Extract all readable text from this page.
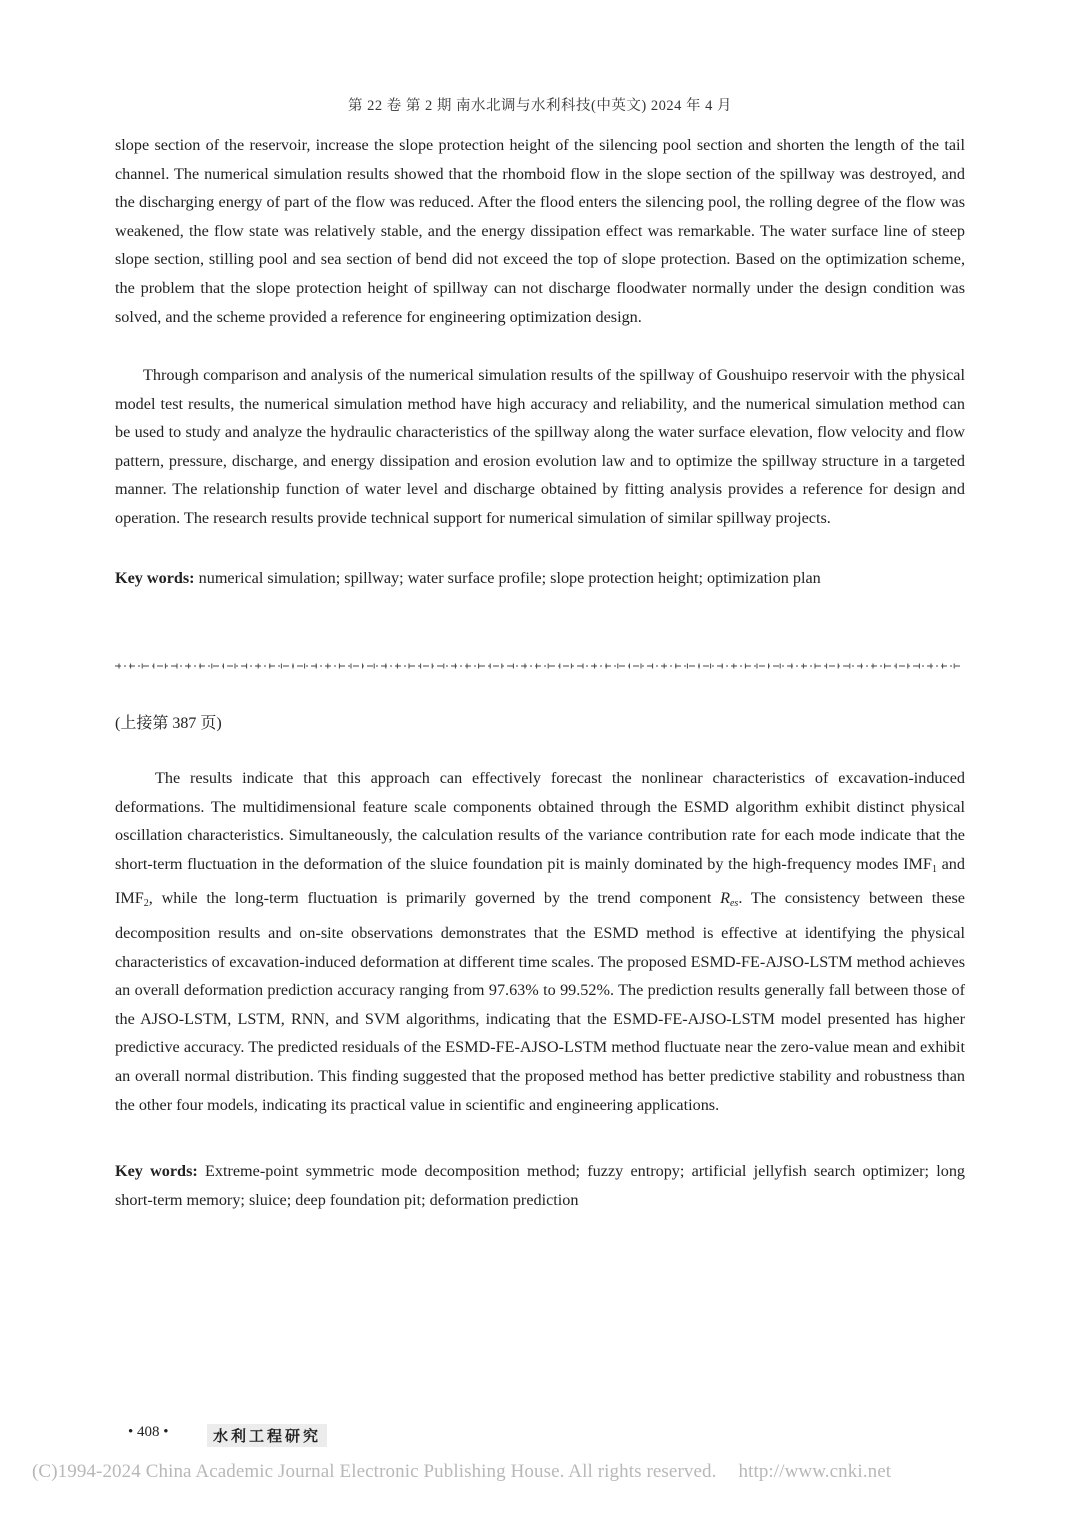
第 22 卷 第 2 期 南水北调与水利科技(中英文) 2024 年 4 月

slope section of the reservoir, increase the slope protection height of the silencing pool section and shorten the length of the tail channel. The numerical simulation results showed that the rhomboid flow in the slope section of the spillway was destroyed, and the discharging energy of part of the flow was reduced. After the flood enters the silencing pool, the rolling degree of the flow was weakened, the flow state was relatively stable, and the energy dissipation effect was remarkable. The water surface line of steep slope section, stilling pool and sea section of bend did not exceed the top of slope protection. Based on the optimization scheme, the problem that the slope protection height of spillway can not discharge floodwater normally under the design condition was solved, and the scheme provided a reference for engineering optimization design.

Through comparison and analysis of the numerical simulation results of the spillway of Goushuipo reservoir with the physical model test results, the numerical simulation method have high accuracy and reliability, and the numerical simulation method can be used to study and analyze the hydraulic characteristics of the spillway along the water surface elevation, flow velocity and flow pattern, pressure, discharge, and energy dissipation and erosion evolution law and to optimize the spillway structure in a targeted manner. The relationship function of water level and discharge obtained by fitting analysis provides a reference for design and operation. The research results provide technical support for numerical simulation of similar spillway projects.

Key words: numerical simulation; spillway; water surface profile; slope protection height; optimization plan

(上接第 387 页)

The results indicate that this approach can effectively forecast the nonlinear characteristics of excavation-induced deformations. The multidimensional feature scale components obtained through the ESMD algorithm exhibit distinct physical oscillation characteristics. Simultaneously, the calculation results of the variance contribution rate for each mode indicate that the short-term fluctuation in the deformation of the sluice foundation pit is mainly dominated by the high-frequency modes $IMF_1$ and $IMF_2$, while the long-term fluctuation is primarily governed by the trend component $R_{es}$. The consistency between these decomposition results and on-site observations demonstrates that the ESMD method is effective at identifying the physical characteristics of excavation-induced deformation at different time scales. The proposed ESMD-FE-AJSO-LSTM method achieves an overall deformation prediction accuracy ranging from 97.63% to 99.52%. The prediction results generally fall between those of the AJSO-LSTM, LSTM, RNN, and SVM algorithms, indicating that the ESMD-FE-AJSO-LSTM model presented has higher predictive accuracy. The predicted residuals of the ESMD-FE-AJSO-LSTM method fluctuate near the zero-value mean and exhibit an overall normal distribution. This finding suggested that the proposed method has better predictive stability and robustness than the other four models, indicating its practical value in scientific and engineering applications.

Key words: Extreme-point symmetric mode decomposition method; fuzzy entropy; artificial jellyfish search optimizer; long short-term memory; sluice; deep foundation pit; deformation prediction

• 408 •	水利工程研究
(C)1994-2024 China Academic Journal Electronic Publishing House. All rights reserved. http://www.cnki.net
